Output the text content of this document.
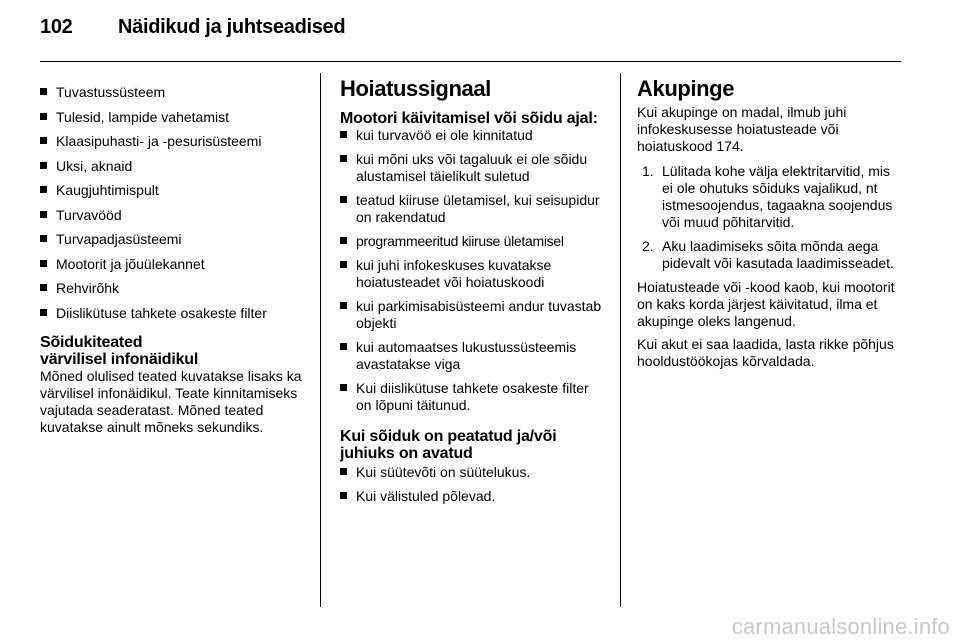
102 Näidikud ja juhtseadised
Tuvastussüsteem
Tulesid, lampide vahetamist
Klaasipuhasti- ja -pesurisüsteemi
Uksi, aknaid
Kaugjuhtimispult
Turvavööd
Turvapadjasüsteemi
Mootorit ja jõuülekannet
Rehvirõhk
Diislikütuse tahkete osakeste filter

Sõidukiteated
värvilisel infonäidikul

Mõned olulised teated kuvatakse lisaks ka värvilisel infonäidikul. Teate kinnitamiseks vajutada seaderatast. Mõned teated kuvatakse ainult mõneks sekundiks.

Hoiatussignaal

Mootori käivitamisel või sõidu ajal:

kui turvavöö ei ole kinnitatud
kui mõni uks või tagaluuk ei ole sõidu alustamisel täielikult suletud
teatud kiiruse ületamisel, kui seisupidur on rakendatud
programmeeritud kiiruse ületamisel
kui juhi infokeskuses kuvatakse hoiatusteadet või hoiatuskoodi
kui parkimisabisüsteemi andur tuvastab objekti
kui automaatses lukustussüsteemis avastatakse viga
Kui diislikütuse tahkete osakeste filter on lõpuni täitunud.

Kui sõiduk on peatatud ja/või juhiuks on avatud

Kui süütevõti on süütelukus.
Kui välistuled põlevad.

Akupinge

Kui akupinge on madal, ilmub juhi infokeskusesse hoiatusteade või hoiatuskood 174.

1. Lülitada kohe välja elektritarvitid, mis ei ole ohutuks sõiduks vajalikud, nt istmesoojendus, tagaakna soojendus või muud põhitarvitid.
2. Aku laadimiseks sõita mõnda aega pidevalt või kasutada laadimisseadet.

Hoiatusteade või -kood kaob, kui mootorit on kaks korda järjest käivitatud, ilma et akupinge oleks langenud.

Kui akut ei saa laadida, lasta rikke põhjus hooldustöökojas kõrvaldada.

carmanualsonline.info
